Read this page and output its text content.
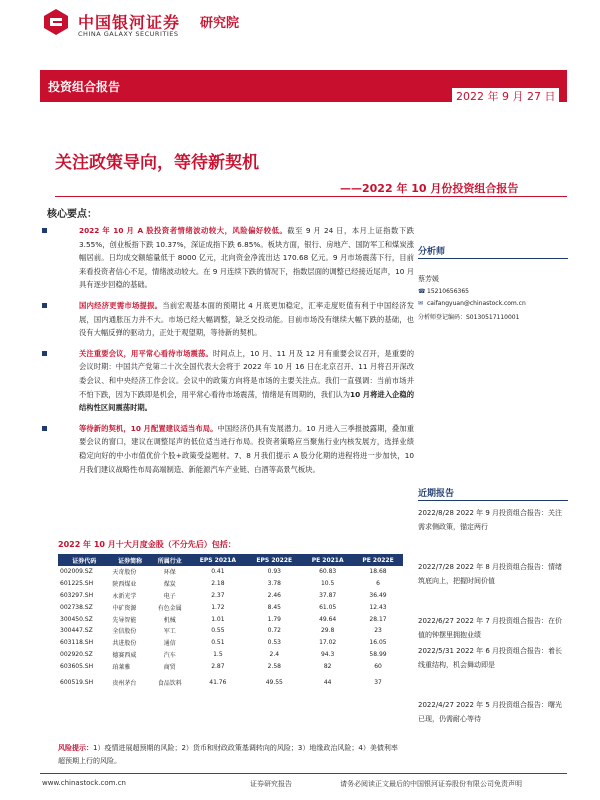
中国银河证券
CHINA GALAXY SECURITIES
研究院
投资组合报告
2022 年 9 月 27 日
关注政策导向，等待新契机
——2022 年 10 月份投资组合报告
核心要点：
2022 年 10 月 A 股投资者情绪波动较大，风险偏好较低。截至 9 月 24 日，本月上证指数下跌 3.55%，创业板指下跌 10.37%，深证成指下跌 6.85%。板块方面，银行、房地产、国防军工和煤炭涨幅居前。日均成交额缩量低于 8000 亿元，北向资金净流出达 170.68 亿元。9 月市场震荡下行，目前来看投资者信心不足，情绪波动较大。在 9 月连续下跌的情况下，指数层面的调整已经接近尾声，10 月具有逐步回稳的基础。
国内经济更需市场提振。当前宏观基本面的预期比 4 月底更加稳定，汇率走度贬值有利于中国经济发展，国内通胀压力并不大。市场已经大幅调整，缺乏交投动能。目前市场没有继续大幅下跌的基础，也没有大幅反弹的驱动力，正处于观望期，等待新的契机。
关注重要会议，用平常心看待市场震荡。时间点上，10 月、11 月及 12 月有重要会议召开，是重要的会议时期：中国共产党第二十次全国代表大会将于 2022 年 10 月 16 日在北京召开、11 月将召开深改委会议、和中央经济工作会议。会议中的政策方向将是市场的主要关注点。我们一直强调：当前市场并不怕下跌，因为下跌即是机会，用平常心看待市场震荡，情绪是有周期的，我们认为10 月将进入企稳的结构性区间震荡时期。
等待新的契机，10 月配置建议适当布局。中国经济仍具有发展潜力。10 月进入三季报披露期，叠加重要会议的窗口，建议在调整尾声的低位适当进行布局。投资者策略应当聚焦行业内核发展方，选择业绩稳定向好的中小市值优价个股+政策受益题材。7、8 月我们提示 A 股分化期的进程将进一步加快，10 月我们建议战略性布局高端制造、新能源汽车产业链、白酒等高景气板块。
分析师
蔡芳媛
☎ 15210656365
✉ caifangyuan@chinastock.com.cn
分析师登记编码：S0130517110001
2022 年 10 月十大月度金股（不分先后）包括：
证券代码	证券简称	所属行业	EPS 2021A	EPS 2022E	PE 2021A	PE 2022E
002009.SZ	天奇股份	环保	0.41	0.93	60.83	18.68
601225.SH	陕西煤业	煤炭	2.18	3.78	10.5	6
603297.SH	永新光学	电子	2.37	2.46	37.87	36.49
002738.SZ	中矿资源	有色金属	1.72	8.45	61.05	12.43
300450.SZ	先导智能	机械	1.01	1.79	49.64	28.17
300447.SZ	全信股份	军工	0.55	0.72	29.8	23
603118.SH	共进股份	通信	0.51	0.53	17.02	16.05
002920.SZ	德赛西威	汽车	1.5	2.4	94.3	58.99
603605.SH	珀莱雅	商贸	2.87	2.58	82	60
600519.SH	贵州茅台	食品饮料	41.76	49.55	44	37
风险提示：1）疫情进展超预期的风险；2）货币和财政政策基调转向的风险；3）地缘政治风险；4）美债利率超预期上行的风险。
近期报告
2022/8/28 2022 年 9 月投资组合报告：关注需求侧政策，锚定两行
2022/7/28 2022 年 8 月投资组合报告：情绪筑底向上，把握时间价值
2022/6/27 2022 年 7 月投资组合报告：在价值的钟摆里拥抱业绩
2022/5/31 2022 年 6 月投资组合报告：着长线重结构，机会舞动即是
2022/4/27 2022 年 5 月投资组合报告：曙光已现，仍需耐心等待
www.chinastock.com.cn	证券研究报告	请务必阅读正文最后的中国银河证券股份有限公司免责声明
